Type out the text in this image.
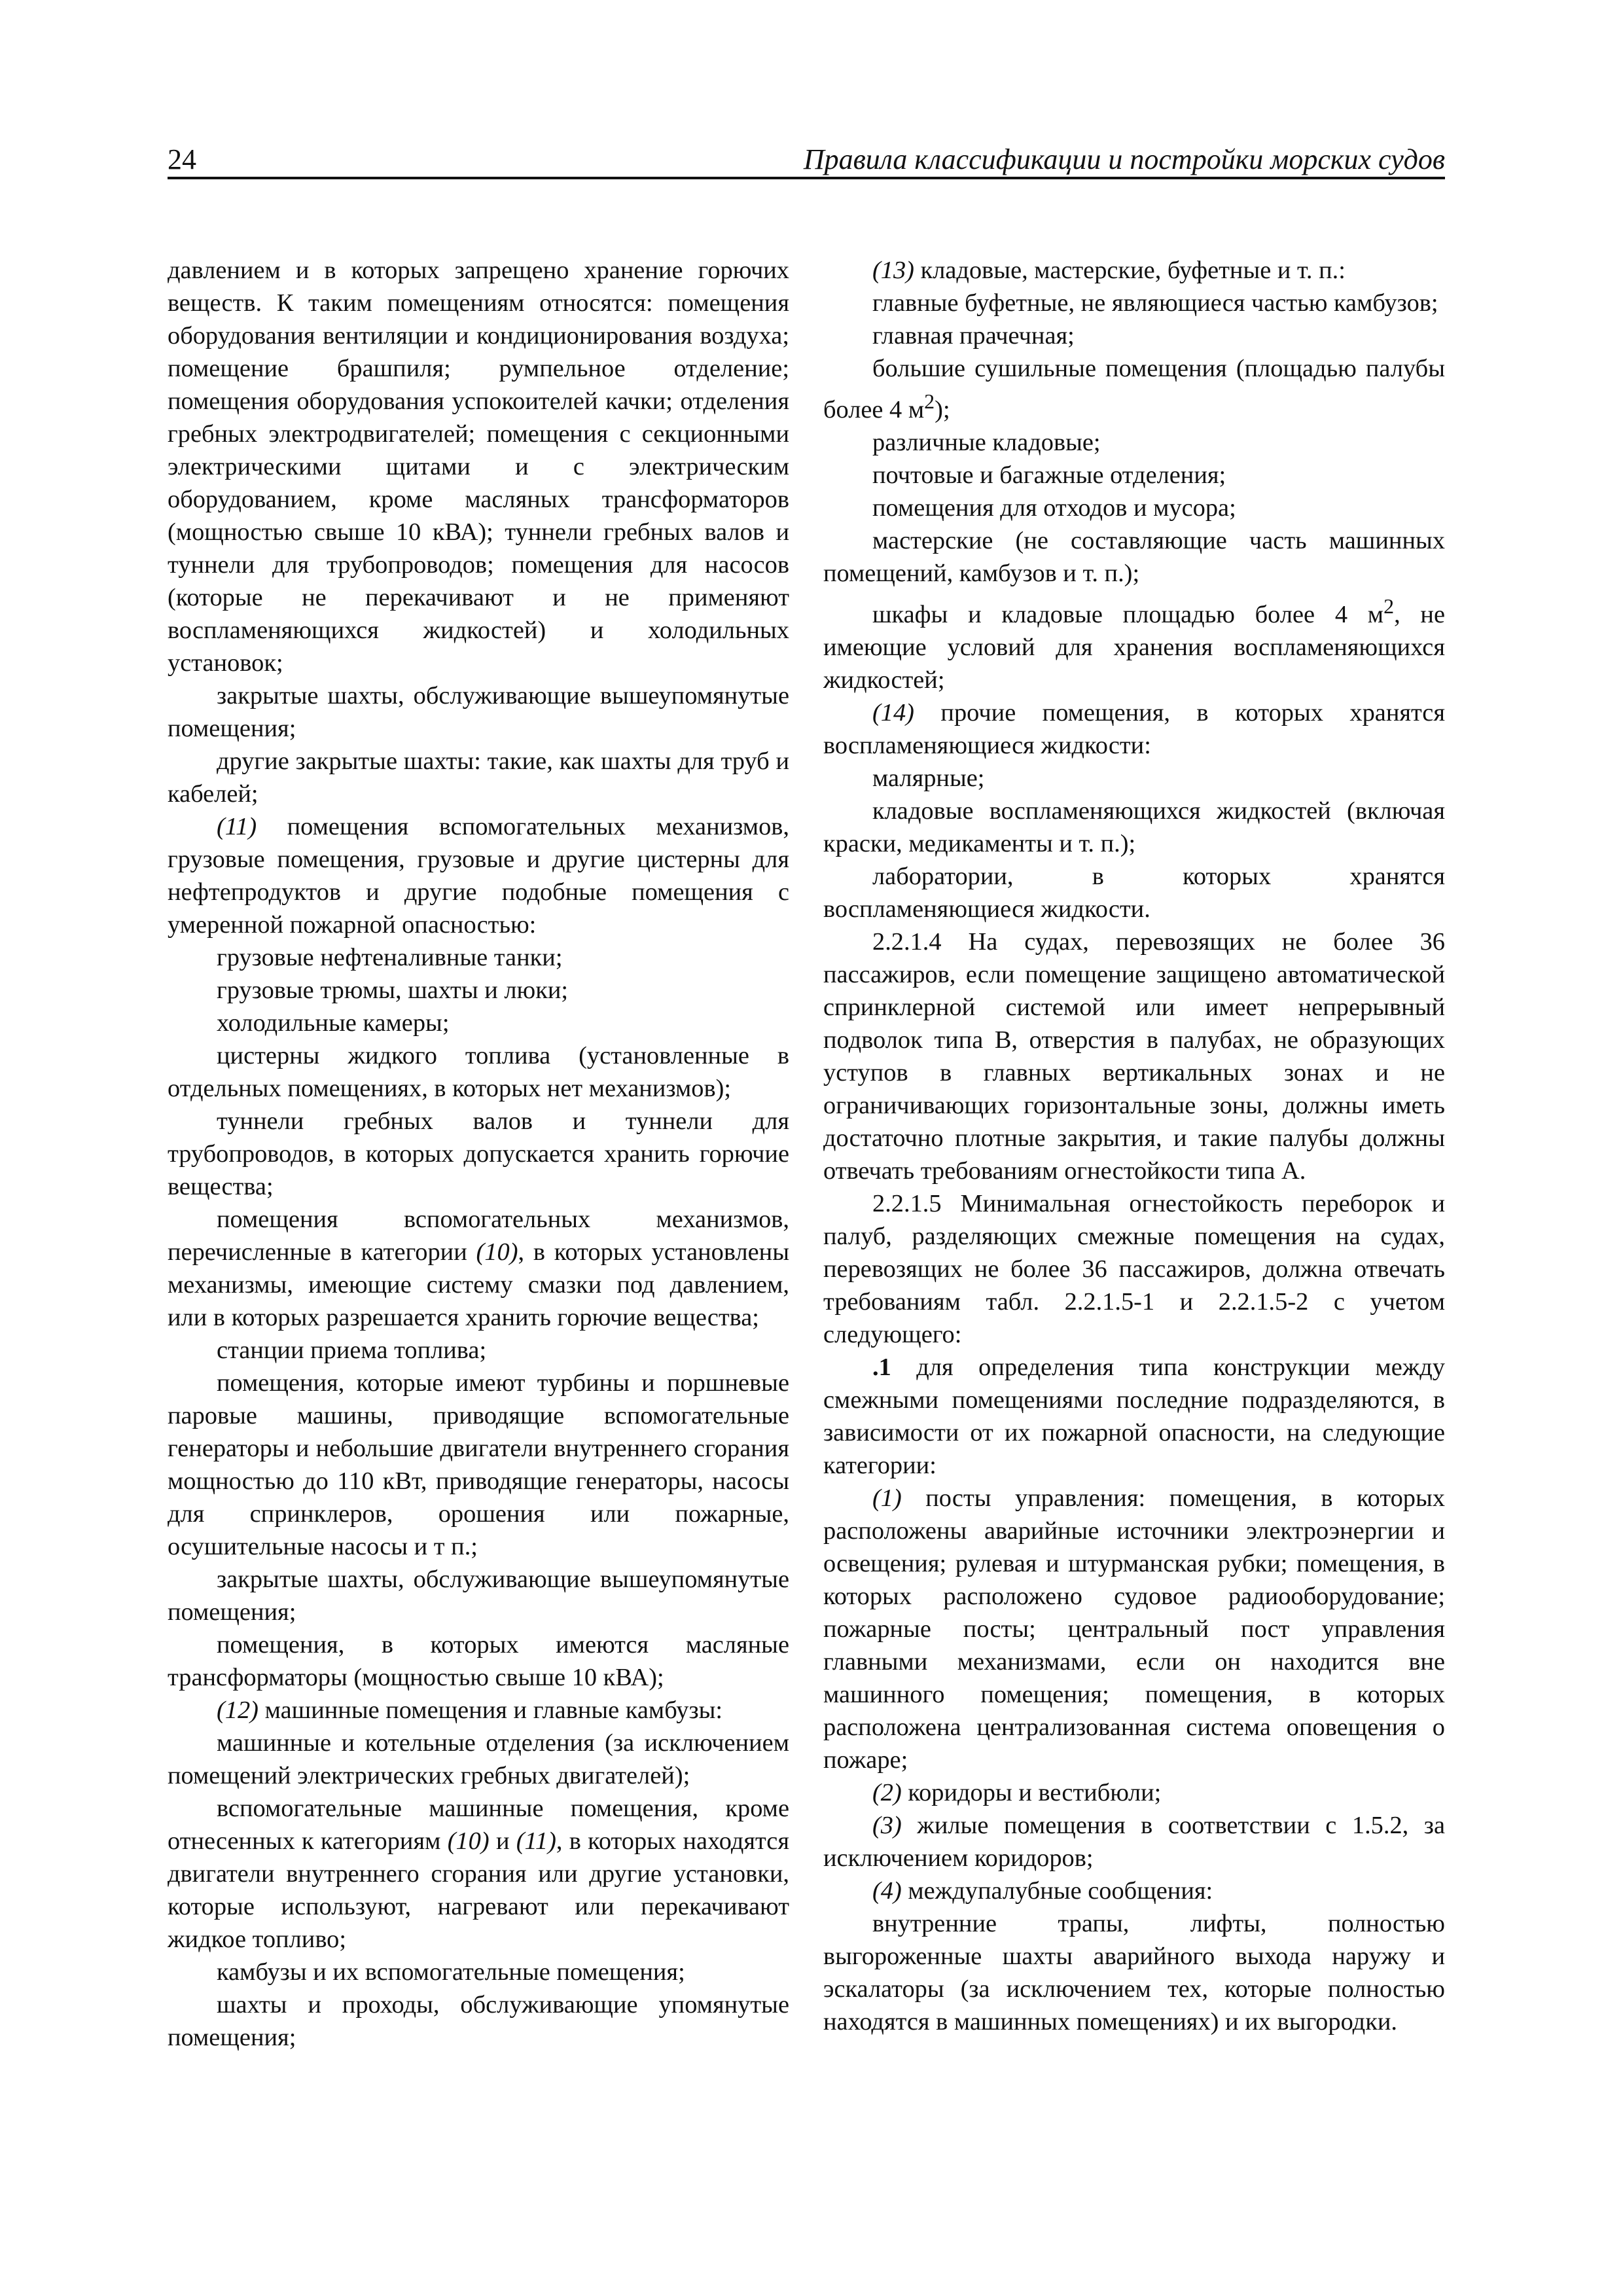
24	Правила классификации и постройки морских судов

давлением и в которых запрещено хранение горючих веществ. К таким помещениям относятся: помещения оборудования вентиляции и кондиционирования воздуха; помещение брашпиля; румпельное отделение; помещения оборудования успокоителей качки; отделения гребных электродвигателей; помещения с секционными электрическими щитами и с электрическим оборудованием, кроме масляных трансформаторов (мощностью свыше 10 кВА); туннели гребных валов и туннели для трубопроводов; помещения для насосов (которые не перекачивают и не применяют воспламеняющихся жидкостей) и холодильных установок;

закрытые шахты, обслуживающие вышеупомянутые помещения;

другие закрытые шахты: такие, как шахты для труб и кабелей;

(11) помещения вспомогательных механизмов, грузовые помещения, грузовые и другие цистерны для нефтепродуктов и другие подобные помещения с умеренной пожарной опасностью:

грузовые нефтеналивные танки;

грузовые трюмы, шахты и люки;

холодильные камеры;

цистерны жидкого топлива (установленные в отдельных помещениях, в которых нет механизмов);

туннели гребных валов и туннели для трубопроводов, в которых допускается хранить горючие вещества;

помещения вспомогательных механизмов, перечисленные в категории (10), в которых установлены механизмы, имеющие систему смазки под давлением, или в которых разрешается хранить горючие вещества;

станции приема топлива;

помещения, которые имеют турбины и поршневые паровые машины, приводящие вспомогательные генераторы и небольшие двигатели внутреннего сгорания мощностью до 110 кВт, приводящие генераторы, насосы для спринклеров, орошения или пожарные, осушительные насосы и т п.;

закрытые шахты, обслуживающие вышеупомянутые помещения;

помещения, в которых имеются масляные трансформаторы (мощностью свыше 10 кВА);

(12) машинные помещения и главные камбузы:

машинные и котельные отделения (за исключением помещений электрических гребных двигателей);

вспомогательные машинные помещения, кроме отнесенных к категориям (10) и (11), в которых находятся двигатели внутреннего сгорания или другие установки, которые используют, нагревают или перекачивают жидкое топливо;

камбузы и их вспомогательные помещения;

шахты и проходы, обслуживающие упомянутые помещения;

(13) кладовые, мастерские, буфетные и т. п.:

главные буфетные, не являющиеся частью камбузов;

главная прачечная;

большие сушильные помещения (площадью палубы более 4 $м^2$);

различные кладовые;

почтовые и багажные отделения;

помещения для отходов и мусора;

мастерские (не составляющие часть машинных помещений, камбузов и т. п.);

шкафы и кладовые площадью более 4 $м^2$, не имеющие условий для хранения воспламеняющихся жидкостей;

(14) прочие помещения, в которых хранятся воспламеняющиеся жидкости:

малярные;

кладовые воспламеняющихся жидкостей (включая краски, медикаменты и т. п.);

лаборатории, в которых хранятся воспламеняющиеся жидкости.

2.2.1.4 На судах, перевозящих не более 36 пассажиров, если помещение защищено автоматической спринклерной системой или имеет непрерывный подволок типа В, отверстия в палубах, не образующих уступов в главных вертикальных зонах и не ограничивающих горизонтальные зоны, должны иметь достаточно плотные закрытия, и такие палубы должны отвечать требованиям огнестойкости типа А.

2.2.1.5 Минимальная огнестойкость переборок и палуб, разделяющих смежные помещения на судах, перевозящих не более 36 пассажиров, должна отвечать требованиям табл. 2.2.1.5-1 и 2.2.1.5-2 с учетом следующего:

.1 для определения типа конструкции между смежными помещениями последние подразделяются, в зависимости от их пожарной опасности, на следующие категории:

(1) посты управления: помещения, в которых расположены аварийные источники электроэнергии и освещения; рулевая и штурманская рубки; помещения, в которых расположено судовое радиооборудование; пожарные посты; центральный пост управления главными механизмами, если он находится вне машинного помещения; помещения, в которых расположена централизованная система оповещения о пожаре;

(2) коридоры и вестибюли;

(3) жилые помещения в соответствии с 1.5.2, за исключением коридоров;

(4) междупалубные сообщения:

внутренние трапы, лифты, полностью выгороженные шахты аварийного выхода наружу и эскалаторы (за исключением тех, которые полностью находятся в машинных помещениях) и их выгородки.
